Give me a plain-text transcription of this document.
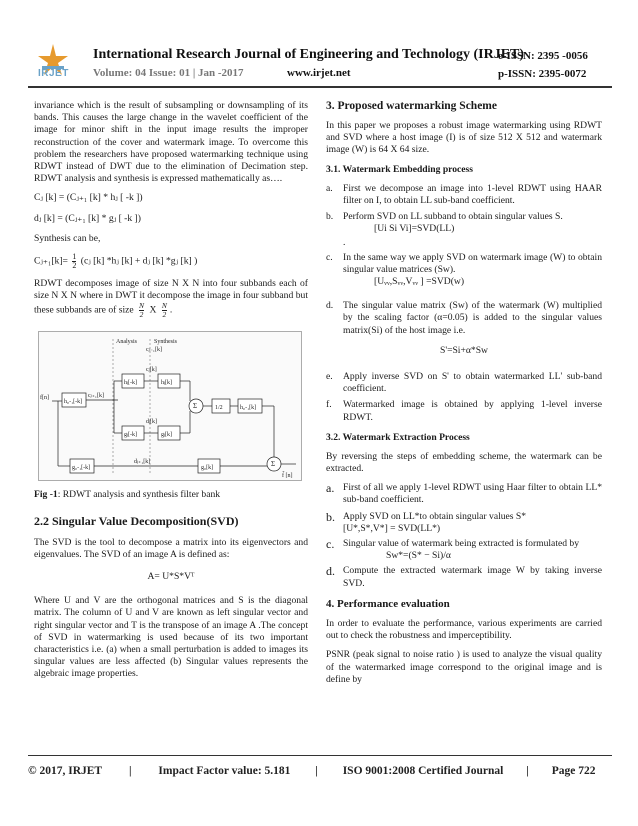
IRJET
International Research Journal of Engineering and Technology (IRJET)
Volume: 04 Issue: 01 | Jan -2017	www.irjet.net
e-ISSN: 2395 -0056
p-ISSN: 2395-0072

invariance which is the result of subsampling or downsampling of its bands. This causes the large change in the wavelet coefficient of the image for minor shift in the input image results the improper reconstruction of the cover and watermark image. To overcome this problem the researchers have proposed watermarking technique using RDWT instead of DWT due to the elimination of Decimation step. RDWT analysis and synthesis is expressed mathematically as….

Cⱼ [k] = (Cⱼ₊₁ [k] * hⱼ [ -k ])

dⱼ [k] = (Cⱼ₊₁ [k] * gⱼ [ -k ])

Synthesis can be,

Cⱼ₊₁[k]= $\frac{1}{2}$ (cⱼ [k] *hⱼ [k] + dⱼ [k] *gⱼ [k] )

RDWT decomposes image of size N X N into four subbands each of size N X N where in DWT it decompose the image in four subband but these subbands are of size $\frac{N}{2}$ X $\frac{N}{2}$ .

Analysis	Synthesis
f[n]
f̃ [n]
h₀-₁[-k]
g₀-₁[-k]
hⱼ[-k]
gⱼ[-k]
hⱼ[k]
gⱼ[k]
g₀[k]
1/2	h₀-₁[k]
cⱼ[k]
dⱼ[k]
cⱼ₊₁[k]
dⱼ₊₁[k]
cⱼ₋₁[k]
Σ
Σ

Fig -1: RDWT analysis and synthesis filter bank

2.2 Singular Value Decomposition(SVD)

The SVD is the tool to decompose a matrix into its eigenvectors and eigenvalues. The SVD of an image A is defined as:

A= U*S*Vᵀ

Where U and V are the orthogonal matrices and S is the diagonal matrix. The column of U and V are known as left singular vector and right singular vector and T is the transpose of an image A .The concept of SVD in watermarking is used because of its two important characteristics i.e. (a) when a small perturbation is added to images its singular values are less affected (b) Singular values represents the algebraic image properties.

3. Proposed watermarking Scheme

In this paper we proposes a robust image watermarking using RDWT and SVD where a host image (I) is of size 512 X 512 and watermark image (W) is 64 X 64 size.

3.1. Watermark Embedding process
a. First we decompose an image into 1-level RDWT using HAAR filter on I, to obtain LL sub-band coefficient.
b. Perform SVD on LL subband to obtain singular values S.
[Ui Si Vi]=SVD(LL)
.
c. In the same way we apply SVD on watermark image (W) to obtain singular value matrices (Sw).
[Uᵥᵥ,Sᵥᵥ,Vᵥᵥ ] =SVD(w)
d. The singular value matrix (Sw) of the watermark (W) multiplied by the scaling factor (α=0.05) is added to the singular values matrix(Si) of the host image i.e.
S'=Si+α*Sw
e. Apply inverse SVD on S' to obtain watermarked LL' sub-band coefficient.
f. Watermarked image is obtained by applying 1-level inverse RDWT.
3.2. Watermark Extraction Process

By reversing the steps of embedding scheme, the watermark can be extracted.

a. First of all we apply 1-level RDWT using Haar filter to obtain LL* sub-band coefficient.
b. Apply SVD on LL*to obtain singular values S*
[U*,S*,V*] = SVD(LL*)
c. Singular value of watermark being extracted is formulated by
Sw*=(S* − Si)/α
d. Compute the extracted watermark image W by taking inverse SVD.
4. Performance evaluation

In order to evaluate the performance, various experiments are carried out to check the robustness and imperceptibility.

PSNR (peak signal to noise ratio ) is used to analyze the visual quality of the watermarked image correspond to the original image and is define by

© 2017, IRJET | Impact Factor value: 5.181 | ISO 9001:2008 Certified Journal | Page 722
